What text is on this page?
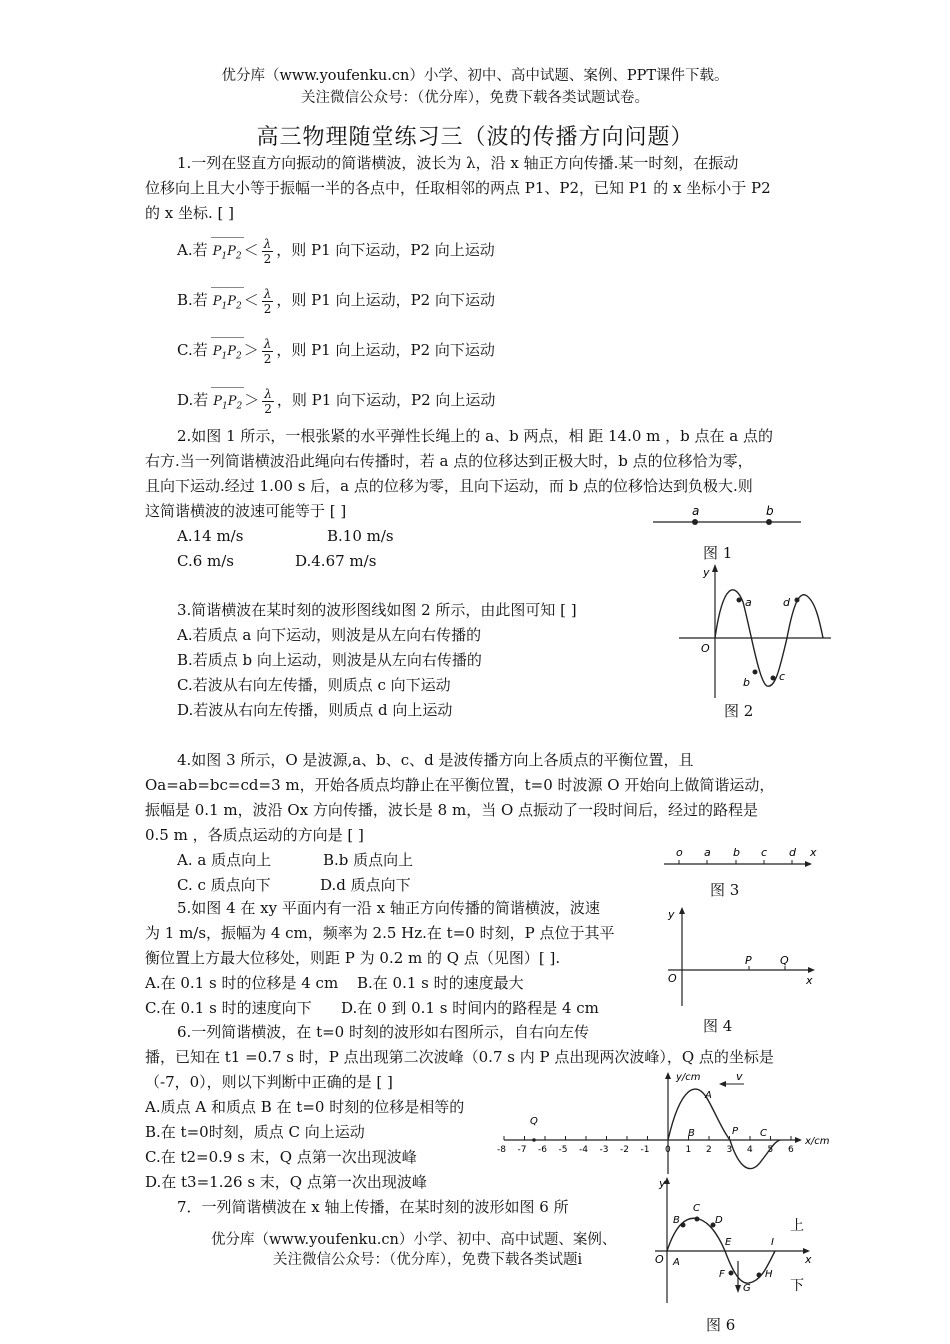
优分库（www.youfenku.cn）小学、初中、高中试题、案例、PPT课件下载。
关注微信公众号：（优分库），免费下载各类试题试卷。
高三物理随堂练习三（波的传播方向问题）
1.一列在竖直方向振动的简谐横波，波长为 λ，沿 x 轴正方向传播.某一时刻，在振动
位移向上且大小等于振幅一半的各点中，任取相邻的两点 P1、P2，已知 P1 的 x 坐标小于 P2
的 x 坐标. [ ]
A.若 $P_1P_2 < \frac{\lambda}{2}$ ，则 P1 向下运动，P2 向上运动
B.若 $P_1P_2 < \frac{\lambda}{2}$ ，则 P1 向上运动，P2 向下运动
C.若 $P_1P_2 > \frac{\lambda}{2}$ ，则 P1 向上运动，P2 向下运动
D.若 $P_1P_2 > \frac{\lambda}{2}$ ，则 P1 向下运动，P2 向上运动
2.如图 1 所示，一根张紧的水平弹性长绳上的 a、b 两点，相 距 14.0 m ，b 点在 a 点的
右方.当一列简谐横波沿此绳向右传播时，若 a 点的位移达到正极大时，b 点的位移恰为零，
且向下运动.经过 1.00 s 后，a 点的位移为零，且向下运动，而 b 点的位移恰达到负极大.则
这简谐横波的波速可能等于 [ ]
A.14 m/s	B.10 m/s
C.6 m/s	D.4.67 m/s
a	b
图 1
3.简谐横波在某时刻的波形图线如图 2 所示，由此图可知 [ ]
A.若质点 a 向下运动，则波是从左向右传播的
B.若质点 b 向上运动，则波是从左向右传播的
C.若波从右向左传播，则质点 c 向下运动
D.若波从右向左传播，则质点 d 向上运动
y
O
a
b	c
d
图 2
4.如图 3 所示，O 是波源,a、b、c、d 是波传播方向上各质点的平衡位置，且
Oa=ab=bc=cd=3 m，开始各质点均静止在平衡位置，t=0 时波源 O 开始向上做简谐运动，
振幅是 0.1 m，波沿 Ox 方向传播，波长是 8 m，当 O 点振动了一段时间后，经过的路程是
0.5 m ，各质点运动的方向是 [ ]
A. a 质点向上	B.b 质点向上
C. c 质点向下	D.d 质点向下
o a b c d x
图 3
5.如图 4 在 xy 平面内有一沿 x 轴正方向传播的简谐横波，波速
为 1 m/s，振幅为 4 cm，频率为 2.5 Hz.在 t=0 时刻，P 点位于其平
衡位置上方最大位移处，则距 P 为 0.2 m 的 Q 点（见图）[ ].
A.在 0.1 s 时的位移是 4 cm B.在 0.1 s 时的速度最大
C.在 0.1 s 时的速度向下 D.在 0 到 0.1 s 时间内的路程是 4 cm
y
O
P	Q
x
图 4
6.一列简谐横波，在 t=0 时刻的波形如右图所示，自右向左传
播，已知在 t1 =0.7 s 时，P 点出现第二次波峰（0.7 s 内 P 点出现两次波峰），Q 点的坐标是
（-7，0），则以下判断中正确的是 [ ]
A.质点 A 和质点 B 在 t=0 时刻的位移是相等的
B.在 t=0时刻，质点 C 向上运动
C.在 t2=0.9 s 末，Q 点第一次出现波峰
D.在 t3=1.26 s 末，Q 点第一次出现波峰
-8 -7 -6 -5 -4 -3 -2 -1 0 1 2 3 4 5 6
v
y/cm
x/cm
Q
A
B	C
P
7．一列简谐横波在 x 轴上传播，在某时刻的波形如图 6 所
y
x
O A
B
C
D
E
F
G
H
I
上
下
图 6
优分库（www.youfenku.cn）小学、初中、高中试题、案例、
关注微信公众号：（优分库），免费下载各类试题i
